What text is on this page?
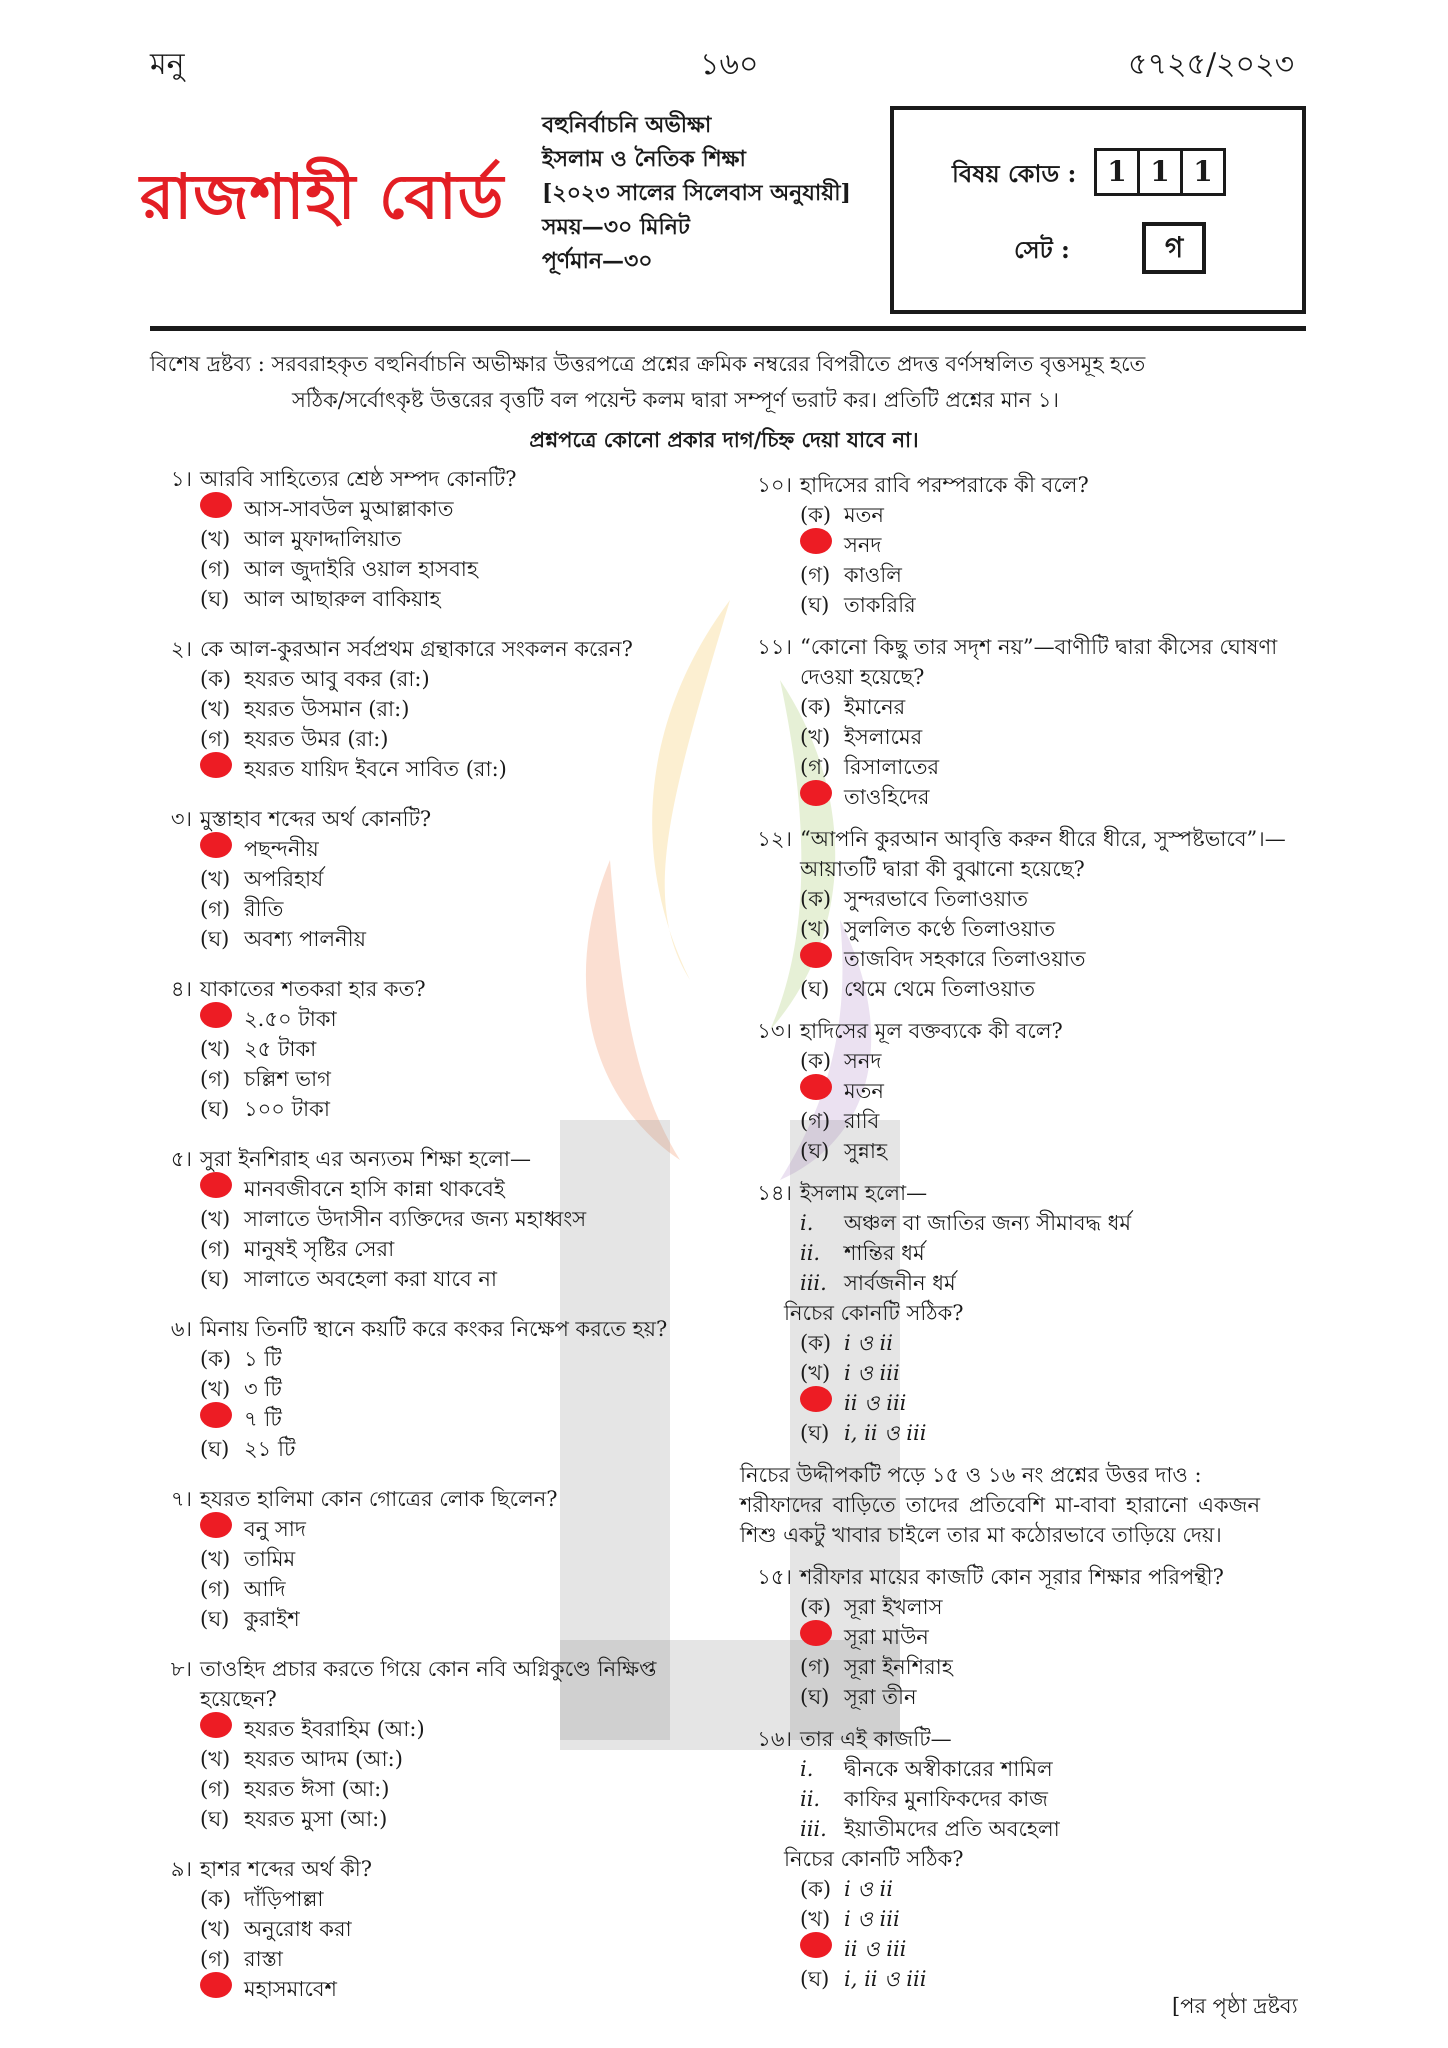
মনু	১৬০	৫৭২৫/২০২৩
রাজশাহী বোর্ড
বহুনির্বাচনি অভীক্ষা
ইসলাম ও নৈতিক শিক্ষা
[২০২৩ সালের সিলেবাস অনুযায়ী]
সময়—৩০ মিনিট
পূর্ণমান—৩০
বিষয় কোড :	1 1 1
সেট :	গ
বিশেষ দ্রষ্টব্য : সরবরাহকৃত বহুনির্বাচনি অভীক্ষার উত্তরপত্রে প্রশ্নের ক্রমিক নম্বরের বিপরীতে প্রদত্ত বর্ণসম্বলিত বৃত্তসমূহ হতে
সঠিক/সর্বোৎকৃষ্ট উত্তরের বৃত্তটি বল পয়েন্ট কলম দ্বারা সম্পূর্ণ ভরাট কর। প্রতিটি প্রশ্নের মান ১।
প্রশ্নপত্রে কোনো প্রকার দাগ/চিহ্ন দেয়া যাবে না।
১। আরবি সাহিত্যের শ্রেষ্ঠ সম্পদ কোনটি?
আস-সাবউল মুআল্লাকাত
(খ) আল মুফাদ্দালিয়াত
(গ) আল জুদাইরি ওয়াল হাসবাহ
(ঘ) আল আছারুল বাকিয়াহ
২। কে আল-কুরআন সর্বপ্রথম গ্রন্থাকারে সংকলন করেন?
(ক) হযরত আবু বকর (রা:)
(খ) হযরত উসমান (রা:)
(গ) হযরত উমর (রা:)
হযরত যায়িদ ইবনে সাবিত (রা:)
৩। মুস্তাহাব শব্দের অর্থ কোনটি?
পছন্দনীয়
(খ) অপরিহার্য
(গ) রীতি
(ঘ) অবশ্য পালনীয়
৪। যাকাতের শতকরা হার কত?
২.৫০ টাকা
(খ) ২৫ টাকা
(গ) চল্লিশ ভাগ
(ঘ) ১০০ টাকা
৫। সুরা ইনশিরাহ এর অন্যতম শিক্ষা হলো—
মানবজীবনে হাসি কান্না থাকবেই
(খ) সালাতে উদাসীন ব্যক্তিদের জন্য মহাধ্বংস
(গ) মানুষই সৃষ্টির সেরা
(ঘ) সালাতে অবহেলা করা যাবে না
৬। মিনায় তিনটি স্থানে কয়টি করে কংকর নিক্ষেপ করতে হয়?
(ক) ১ টি
(খ) ৩ টি
৭ টি
(ঘ) ২১ টি
৭। হযরত হালিমা কোন গোত্রের লোক ছিলেন?
বনু সাদ
(খ) তামিম
(গ) আদি
(ঘ) কুরাইশ
৮। তাওহিদ প্রচার করতে গিয়ে কোন নবি অগ্নিকুণ্ডে নিক্ষিপ্ত হয়েছেন?
হযরত ইবরাহিম (আ:)
(খ) হযরত আদম (আ:)
(গ) হযরত ঈসা (আ:)
(ঘ) হযরত মুসা (আ:)
৯। হাশর শব্দের অর্থ কী?
(ক) দাঁড়িপাল্লা
(খ) অনুরোধ করা
(গ) রাস্তা
মহাসমাবেশ
১০। হাদিসের রাবি পরম্পরাকে কী বলে?
(ক) মতন
সনদ
(গ) কাওলি
(ঘ) তাকরিরি
১১। “কোনো কিছু তার সদৃশ নয়”—বাণীটি দ্বারা কীসের ঘোষণা দেওয়া হয়েছে?
(ক) ইমানের
(খ) ইসলামের
(গ) রিসালাতের
তাওহিদের
১২। “আপনি কুরআন আবৃত্তি করুন ধীরে ধীরে, সুস্পষ্টভাবে”।— আয়াতটি দ্বারা কী বুঝানো হয়েছে?
(ক) সুন্দরভাবে তিলাওয়াত
(খ) সুললিত কণ্ঠে তিলাওয়াত
তাজবিদ সহকারে তিলাওয়াত
(ঘ) থেমে থেমে তিলাওয়াত
১৩। হাদিসের মূল বক্তব্যকে কী বলে?
(ক) সনদ
মতন
(গ) রাবি
(ঘ) সুন্নাহ
১৪। ইসলাম হলো—
i.	অঞ্চল বা জাতির জন্য সীমাবদ্ধ ধর্ম
ii.	শান্তির ধর্ম
iii. সার্বজনীন ধর্ম
নিচের কোনটি সঠিক?
(ক) i ও ii
(খ) i ও iii
ii ও iii
(ঘ) i, ii ও iii
নিচের উদ্দীপকটি পড়ে ১৫ ও ১৬ নং প্রশ্নের উত্তর দাও :
শরীফাদের বাড়িতে তাদের প্রতিবেশি মা-বাবা হারানো একজন শিশু একটু খাবার চাইলে তার মা কঠোরভাবে তাড়িয়ে দেয়।
১৫। শরীফার মায়ের কাজটি কোন সূরার শিক্ষার পরিপন্থী?
(ক) সূরা ইখলাস
সূরা মাউন
(গ) সূরা ইনশিরাহ
(ঘ) সূরা তীন
১৬। তার এই কাজটি—
i.	দ্বীনকে অস্বীকারের শামিল
ii.	কাফির মুনাফিকদের কাজ
iii. ইয়াতীমদের প্রতি অবহেলা
নিচের কোনটি সঠিক?
(ক) i ও ii
(খ) i ও iii
ii ও iii
(ঘ) i, ii ও iii
[পর পৃষ্ঠা দ্রষ্টব্য
